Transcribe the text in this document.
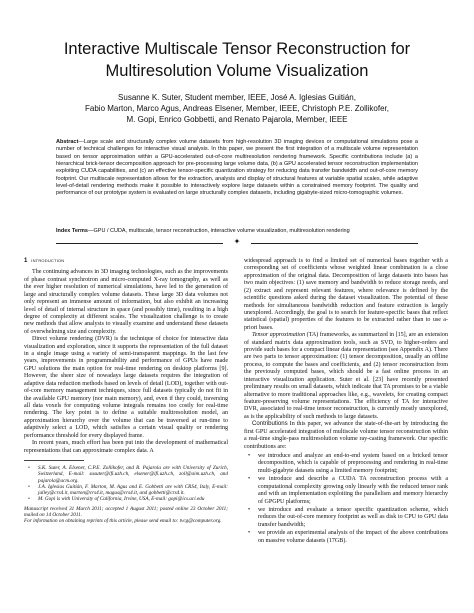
Interactive Multiscale Tensor Reconstruction for
Multiresolution Volume Visualization
Susanne K. Suter, Student member, IEEE, José A. Iglesias Guitián,
Fabio Marton, Marco Agus, Andreas Elsener, Member, IEEE, Christoph P.E. Zollikofer,
M. Gopi, Enrico Gobbetti, and Renato Pajarola, Member, IEEE

Abstract—Large scale and structurally complex volume datasets from high-resolution 3D imaging devices or computational simulations pose a number of technical challenges for interactive visual analysis. In this paper, we present the first integration of a multiscale volume representation based on tensor approximation within a GPU-accelerated out-of-core multiresolution rendering framework. Specific contributions include (a) a hierarchical brick-tensor decomposition approach for pre-processing large volume data, (b) a GPU accelerated tensor reconstruction implementation exploiting CUDA capabilities, and (c) an effective tensor-specific quantization strategy for reducing data transfer bandwidth and out-of-core memory footprint. Our multiscale representation allows for the extraction, analysis and display of structural features at variable spatial scales, while adaptive level-of-detail rendering methods make it possible to interactively explore large datasets within a constrained memory footprint. The quality and performance of our prototype system is evaluated on large structurally complex datasets, including gigabyte-sized micro-tomographic volumes.

Index Terms—GPU / CUDA, multiscale, tensor reconstruction, interactive volume visualization, multiresolution rendering
✦
1 introduction

The continuing advances in 3D imaging technologies, such as the improvements of phase contrast synchrotron and micro-computed X-ray tomography, as well as the ever higher resolution of numerical simulations, have led to the generation of large and structurally complex volume datasets. These large 3D data volumes not only represent an immense amount of information, but also exhibit an increasing level of detail of internal structure in space (and possibly time), resulting in a high degree of complexity at different scales. The visualization challenge is to create new methods that allow analysts to visually examine and understand these datasets of overwhelming size and complexity.

Direct volume rendering (DVR) is the technique of choice for interactive data visualization and exploration, since it supports the representation of the full dataset in a single image using a variety of semi-transparent mappings. In the last few years, improvements in programmability and performance of GPUs have made GPU solutions the main option for real-time rendering on desktop platforms [9]. However, the sheer size of nowadays large datasets requires the integration of adaptive data reduction methods based on levels of detail (LOD), together with out-of-core memory management techniques, since full datasets typically do not fit in the available GPU memory (nor main memory), and, even if they could, traversing all data voxels for computing volume integrals remains too costly for real-time rendering. The key point is to define a suitable multiresolution model, an approximation hierarchy over the volume that can be traversed at run-time to adaptively select a LOD, which satisfies a certain visual quality or rendering performance threshold for every displayed frame.

In recent years, much effort has been put into the development of mathematical representations that can approximate complex data. A

• S.K. Suter, A. Elsener, C.P.E. Zollikofer, and R. Pajarola are with University of Zurich, Switzerland, E-mail: susuter@ifi.uzh.ch, elsener@ifi.uzh.ch, zoll@aim.uzh.ch, and pajarola@acm.org.
• J.A. Iglesias Guitián, F. Marton, M. Agus and E. Gobbetti are with CRS4, Italy, E-mail: jalley@crs4.it, marton@crs4.it, magus@crs4.it, and gobbetti@crs4.it.
• M. Gopi is with University of California, Irvine, USA, E-mail: gopi@ics.uci.edu
Manuscript received 31 March 2011; accepted 1 August 2011; posted online 23 October 2011; mailed on 14 October 2011.
For information on obtaining reprints of this article, please send email to: tvcg@computer.org.

widespread approach is to find a limited set of numerical bases together with a corresponding set of coefficients whose weighted linear combination is a close approximation of the original data. Decomposition of large datasets into bases has two main objectives: (1) save memory and bandwidth to reduce storage needs, and (2) extract and represent relevant features, where relevance is defined by the scientific questions asked during the dataset visualization. The potential of these methods for simultaneous bandwidth reduction and feature extraction is largely unexplored. Accordingly, the goal is to search for feature-specific bases that reflect statistical (spatial) properties of the features to be extracted rather than to use a-priori bases.

Tensor approximation (TA) frameworks, as summarized in [15], are an extension of standard matrix data approximation tools, such as SVD, to higher-orders and provide such bases for a compact linear data representation (see Appendix A). There are two parts to tensor approximation: (1) tensor decomposition, usually an offline process, to compute the bases and coefficients, and (2) tensor reconstruction from the previously computed bases, which should be a fast online process in an interactive visualization application. Suter et al. [23] have recently presented preliminary results on small datasets, which indicate that TA promises to be a viable alternative to more traditional approaches like, e.g., wavelets, for creating compact feature-preserving volume representations. The efficiency of TA for interactive DVR, associated to real-time tensor reconstruction, is currently mostly unexplored, as is the applicability of such methods to large datasets.

Contributions In this paper, we advance the state-of-the-art by introducing the first GPU accelerated integration of multiscale volume tensor reconstruction within a real-time single-pass multiresolution volume ray-casting framework. Our specific contributions are:

• we introduce and analyze an end-to-end system based on a bricked tensor decomposition, which is capable of preprocessing and rendering in real-time multi-gigabyte datasets using a limited memory footprint;
• we introduce and describe a CUDA TA reconstruction process with a computational complexity growing only linearly with the reduced tensor rank and with an implementation exploiting the parallelism and memory hierarchy of GPGPU platforms;
• we introduce and evaluate a tensor specific quantization scheme, which reduces the out-of-core memory footprint as well as disk to CPU to GPU data transfer bandwidth;
• we provide an experimental analysis of the impact of the above contributions on massive volume datasets (17GB).
